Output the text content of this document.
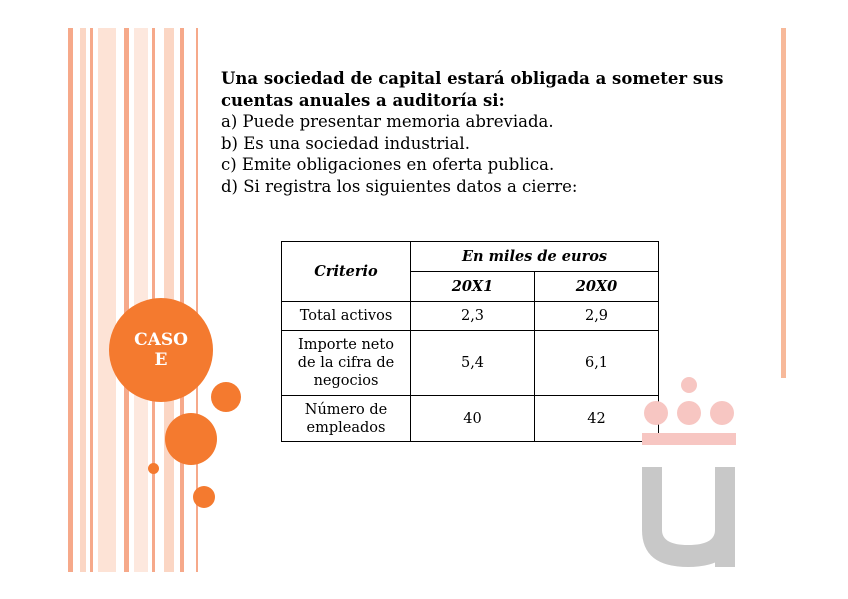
CASO
E
Una sociedad de capital estará obligada a someter sus
cuentas anuales a auditoría si:
a) Puede presentar memoria abreviada.
b) Es una sociedad industrial.
c) Emite obligaciones en oferta publica.
d) Si registra los siguientes datos a cierre:
Criterio	En miles de euros	
	20X1	20X0
Total activos	2,3	2,9

Importe neto
de la cifra de
negocios	5,4	6,1

Número de
empleados	40	42
